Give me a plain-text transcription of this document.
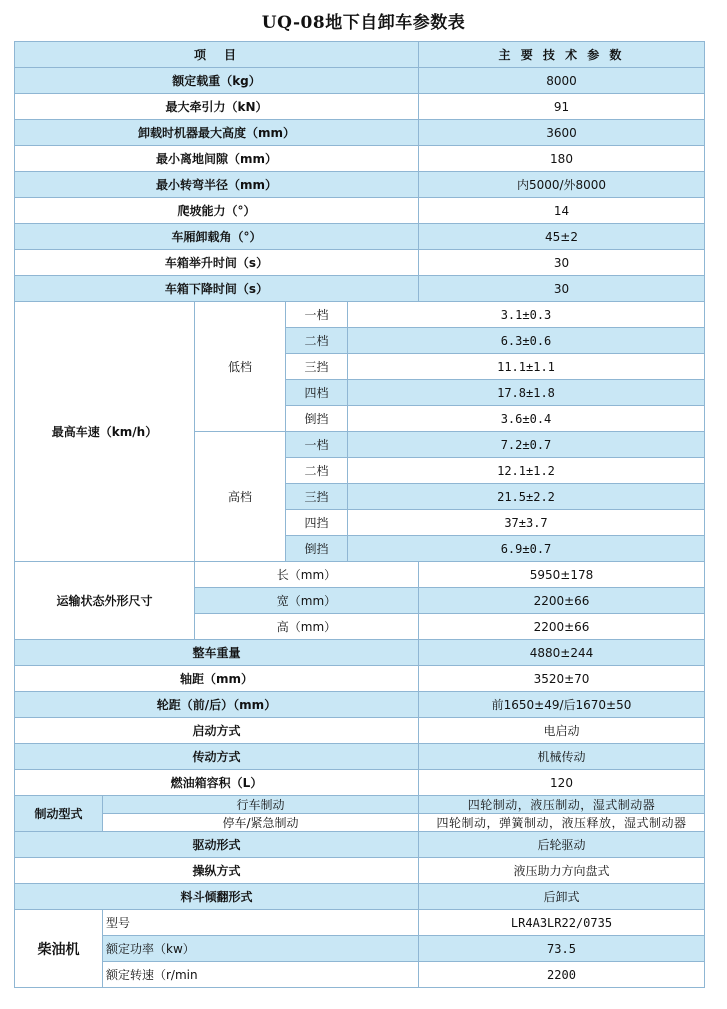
UQ-08地下自卸车参数表
项　目					主 要 技 术 参 数
额定载重（kg）					8000
最大牵引力（kN）					91
卸载时机器最大高度（mm）					3600
最小离地间隙（mm）					180
最小转弯半径（mm）					内5000/外8000
爬坡能力（°）					14
车厢卸载角（°）					45±2
车箱举升时间（s）					30
车箱下降时间（s）					30
最高车速（km/h）		低档	一档	3.1±0.3	
			二档	6.3±0.6	
			三挡	11.1±1.1	
			四档	17.8±1.8	
			倒挡	3.6±0.4	
		高档	一档	7.2±0.7	
			二档	12.1±1.2	
			三挡	21.5±2.2	
			四挡	37±3.7	
			倒挡	6.9±0.7	
运输状态外形尺寸		长（mm）			5950±178
		宽（mm）			2200±66
		高（mm）			2200±66
整车重量					4880±244
轴距（mm）					3520±70
轮距（前/后）（mm）					前1650±49/后1670±50
启动方式					电启动
传动方式					机械传动
燃油箱容积（L）					120
制动型式	行车制动				四轮制动，液压制动，湿式制动器
	停车/紧急制动				四轮制动，弹簧制动，液压释放，湿式制动器
驱动形式					后轮驱动
操纵方式					液压助力方向盘式
料斗倾翻形式					后卸式
柴油机	型号				LR4A3LR22/0735
	额定功率（kw）				73.5
	额定转速（r/min				2200
